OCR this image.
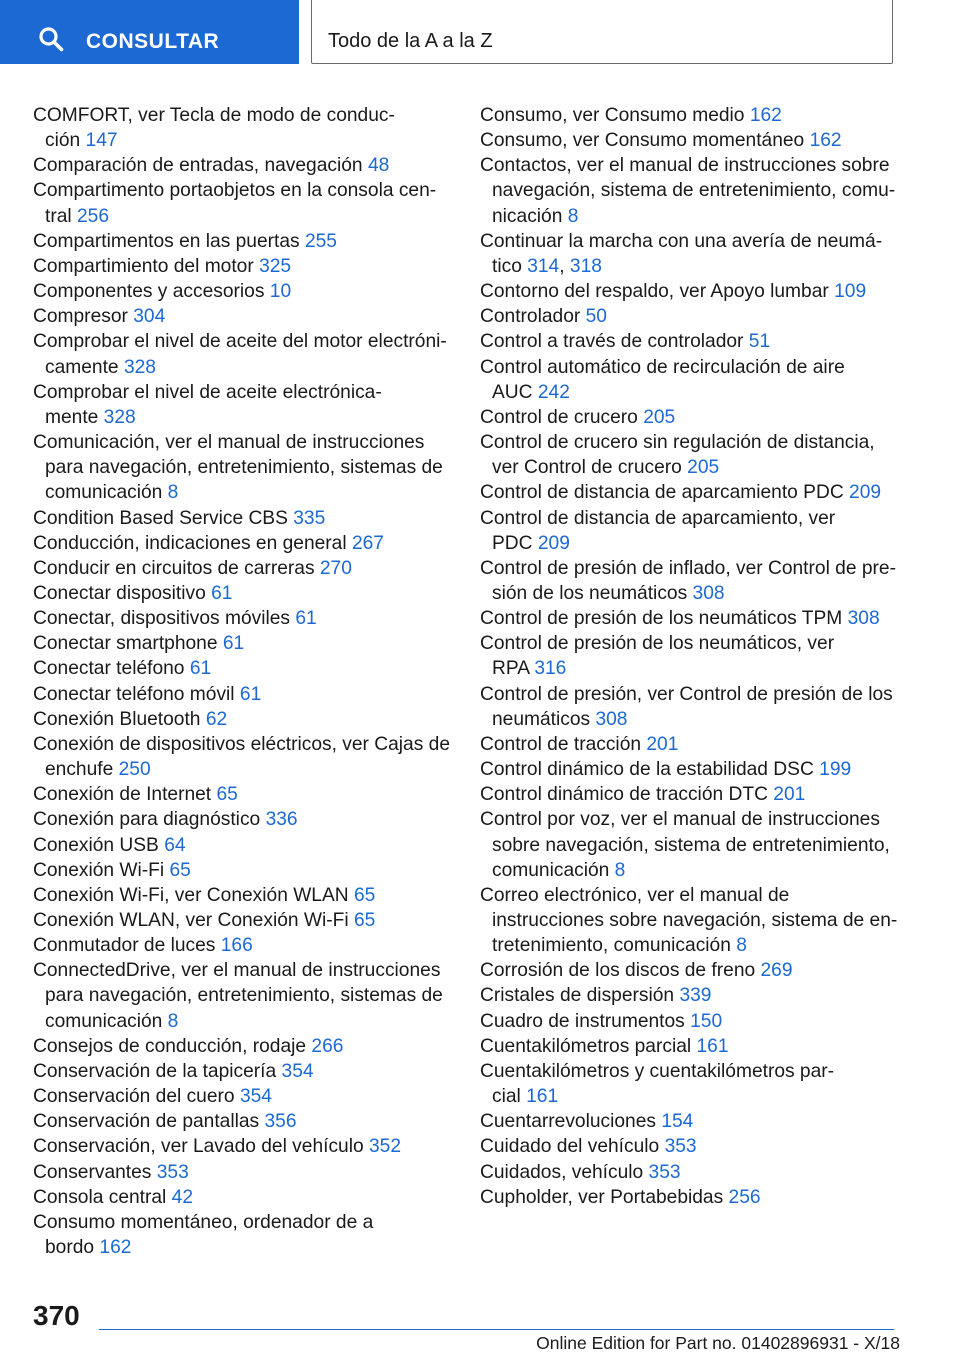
CONSULTAR	Todo de la A a la Z
COMFORT, ver Tecla de modo de conduc-
ción 147
Comparación de entradas, navegación 48
Compartimento portaobjetos en la consola cen-
tral 256
Compartimentos en las puertas 255
Compartimiento del motor 325
Componentes y accesorios 10
Compresor 304
Comprobar el nivel de aceite del motor electróni-
camente 328
Comprobar el nivel de aceite electrónica-
mente 328
Comunicación, ver el manual de instrucciones
para navegación, entretenimiento, sistemas de
comunicación 8
Condition Based Service CBS 335
Conducción, indicaciones en general 267
Conducir en circuitos de carreras 270
Conectar dispositivo 61
Conectar, dispositivos móviles 61
Conectar smartphone 61
Conectar teléfono 61
Conectar teléfono móvil 61
Conexión Bluetooth 62
Conexión de dispositivos eléctricos, ver Cajas de
enchufe 250
Conexión de Internet 65
Conexión para diagnóstico 336
Conexión USB 64
Conexión Wi-Fi 65
Conexión Wi-Fi, ver Conexión WLAN 65
Conexión WLAN, ver Conexión Wi-Fi 65
Conmutador de luces 166
ConnectedDrive, ver el manual de instrucciones
para navegación, entretenimiento, sistemas de
comunicación 8
Consejos de conducción, rodaje 266
Conservación de la tapicería 354
Conservación del cuero 354
Conservación de pantallas 356
Conservación, ver Lavado del vehículo 352
Conservantes 353
Consola central 42
Consumo momentáneo, ordenador de a
bordo 162
Consumo, ver Consumo medio 162
Consumo, ver Consumo momentáneo 162
Contactos, ver el manual de instrucciones sobre
navegación, sistema de entretenimiento, comu-
nicación 8
Continuar la marcha con una avería de neumá-
tico 314, 318
Contorno del respaldo, ver Apoyo lumbar 109
Controlador 50
Control a través de controlador 51
Control automático de recirculación de aire
AUC 242
Control de crucero 205
Control de crucero sin regulación de distancia,
ver Control de crucero 205
Control de distancia de aparcamiento PDC 209
Control de distancia de aparcamiento, ver
PDC 209
Control de presión de inflado, ver Control de pre-
sión de los neumáticos 308
Control de presión de los neumáticos TPM 308
Control de presión de los neumáticos, ver
RPA 316
Control de presión, ver Control de presión de los
neumáticos 308
Control de tracción 201
Control dinámico de la estabilidad DSC 199
Control dinámico de tracción DTC 201
Control por voz, ver el manual de instrucciones
sobre navegación, sistema de entretenimiento,
comunicación 8
Correo electrónico, ver el manual de
instrucciones sobre navegación, sistema de en-
tretenimiento, comunicación 8
Corrosión de los discos de freno 269
Cristales de dispersión 339
Cuadro de instrumentos 150
Cuentakilómetros parcial 161
Cuentakilómetros y cuentakilómetros par-
cial 161
Cuentarrevoluciones 154
Cuidado del vehículo 353
Cuidados, vehículo 353
Cupholder, ver Portabebidas 256
370
Online Edition for Part no. 01402896931 - X/18
